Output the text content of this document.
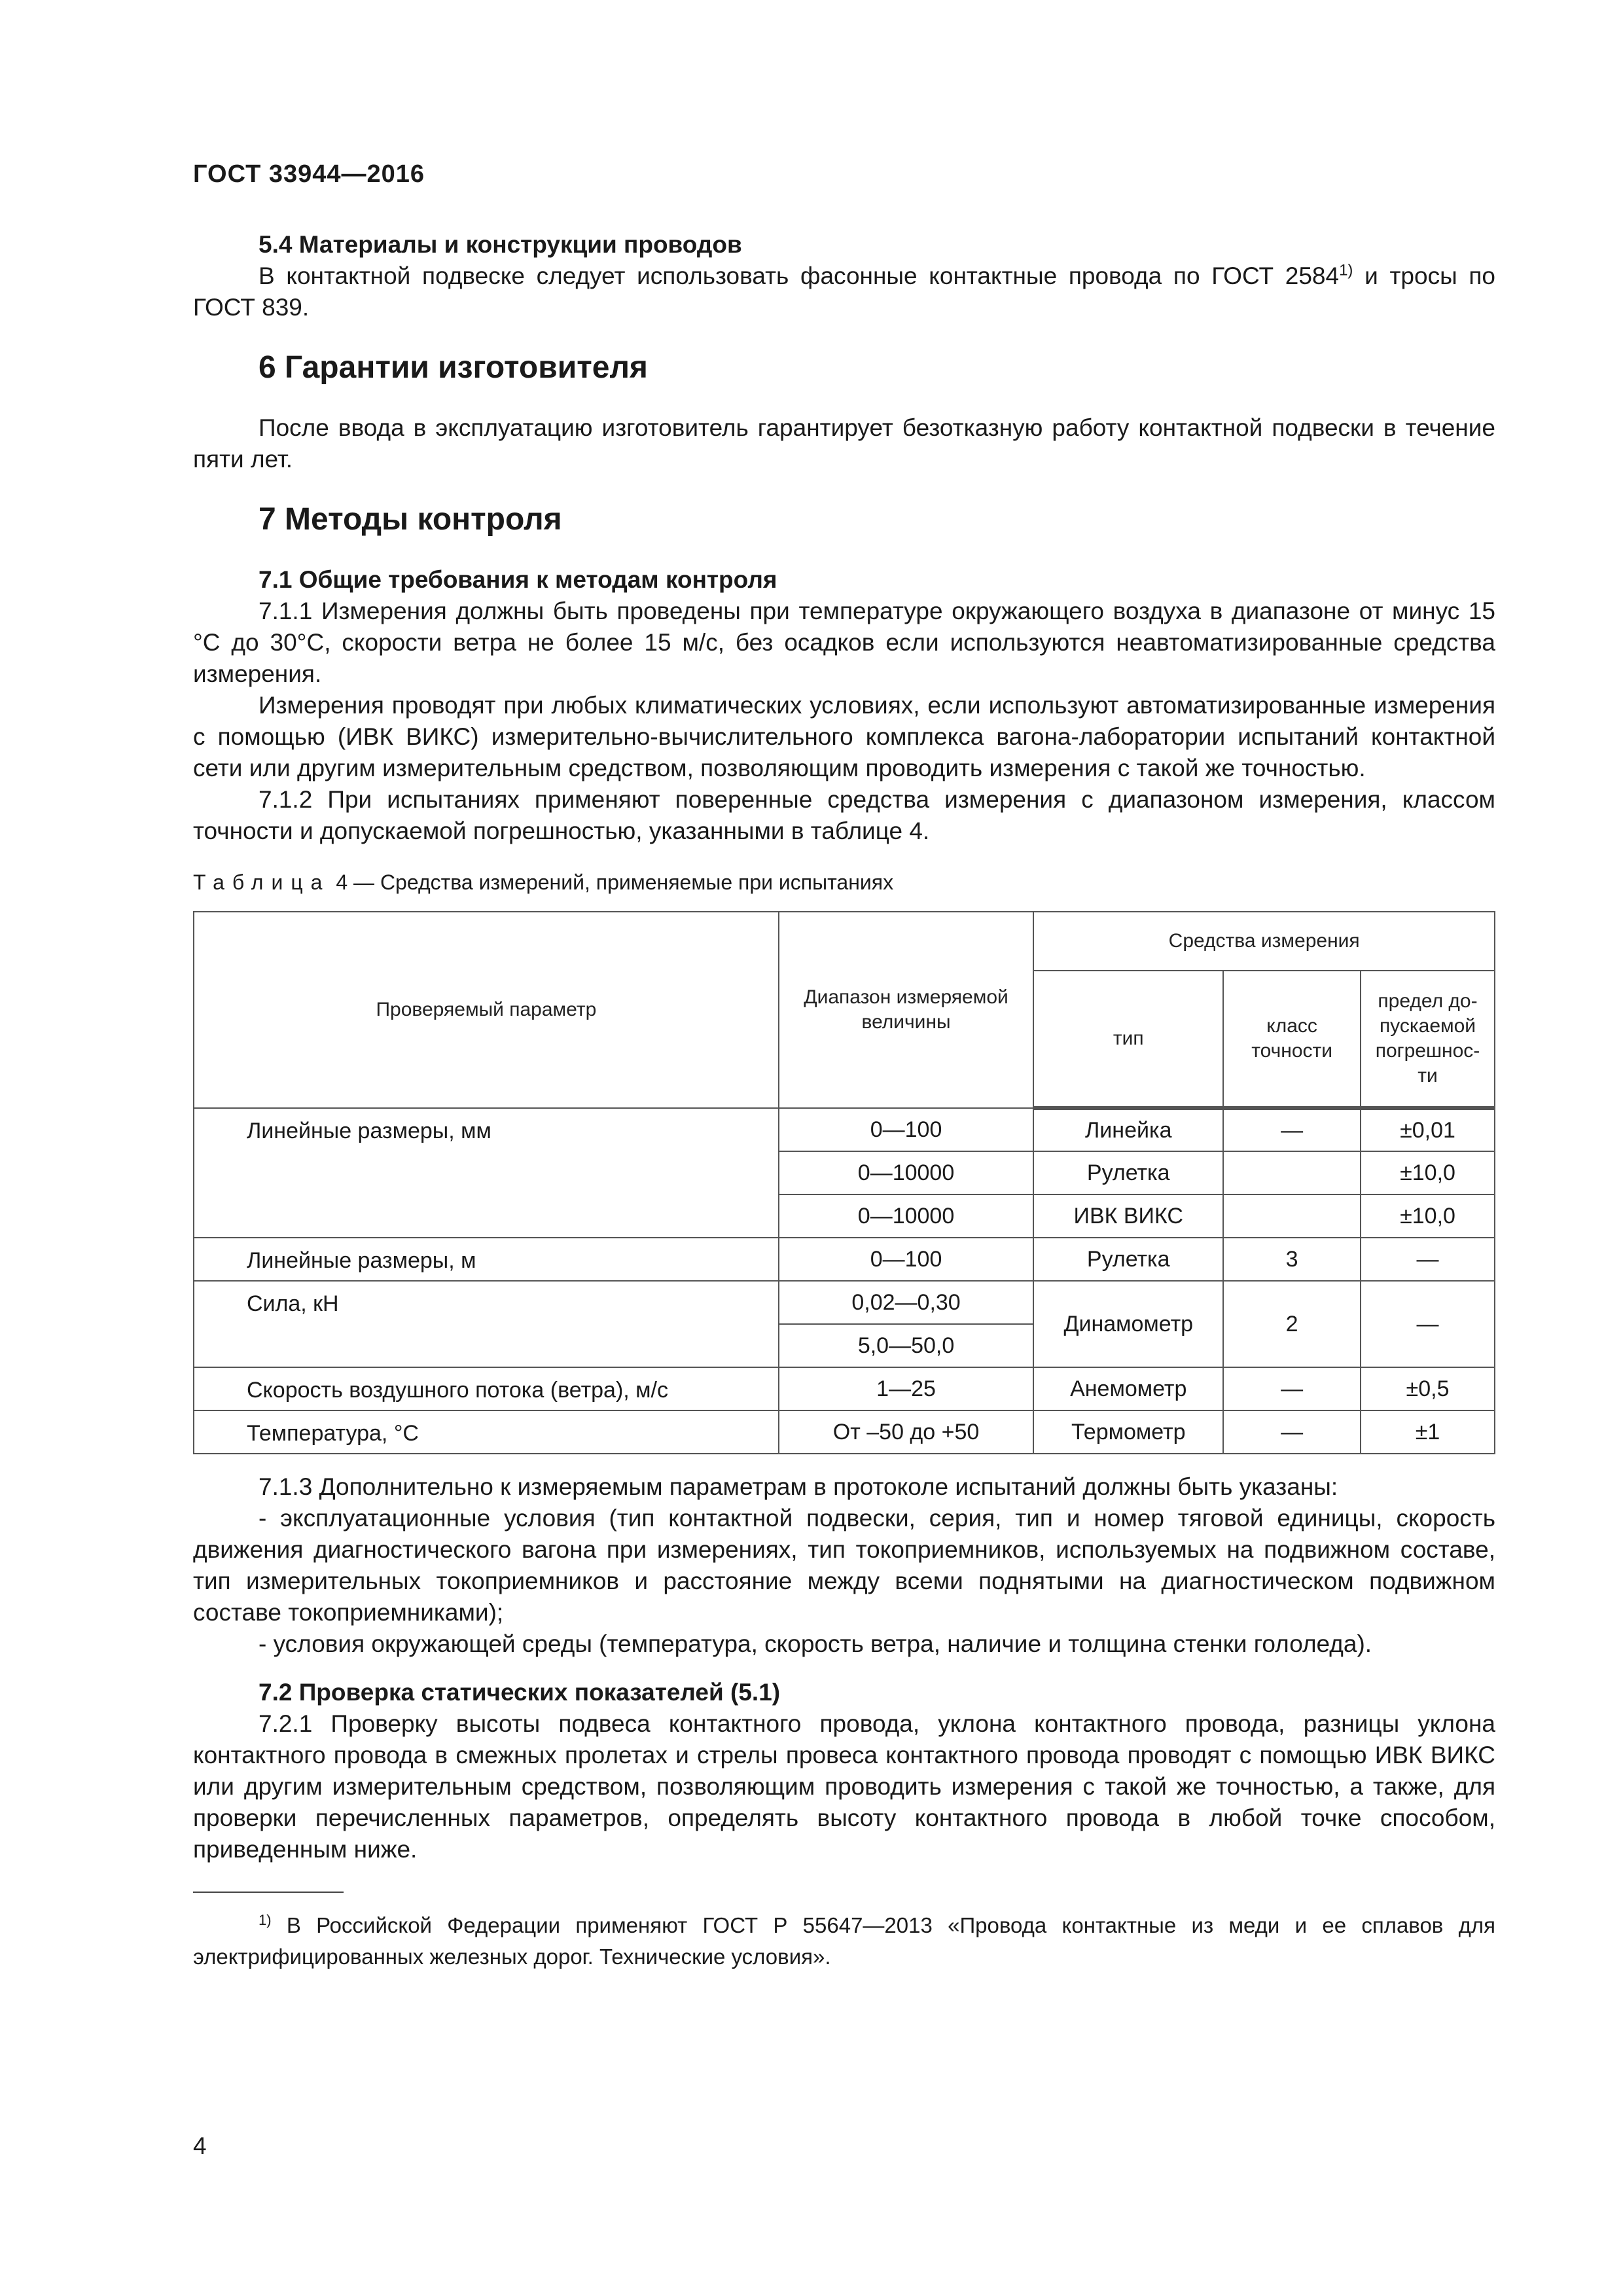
ГОСТ 33944—2016

5.4 Материалы и конструкции проводов

В контактной подвеске следует использовать фасонные контактные провода по ГОСТ 2584$^{1)}$ и тросы по ГОСТ 839.

6 Гарантии изготовителя

После ввода в эксплуатацию изготовитель гарантирует безотказную работу контактной подвески в течение пяти лет.

7 Методы контроля

7.1 Общие требования к методам контроля

7.1.1 Измерения должны быть проведены при температуре окружающего воздуха в диапазоне от минус 15 °С до 30°С, скорости ветра не более 15 м/с, без осадков если используются неавтоматизированные средства измерения.

Измерения проводят при любых климатических условиях, если используют автоматизированные измерения с помощью (ИВК ВИКС) измерительно-вычислительного комплекса вагона-лаборатории испытаний контактной сети или другим измерительным средством, позволяющим проводить измерения с такой же точностью.

7.1.2 При испытаниях применяют поверенные средства измерения с диапазоном измерения, классом точности и допускаемой погрешностью, указанными в таблице 4.

Таблица 4 — Средства измерений, применяемые при испытаниях
Проверяемый параметр	Диапазон измеряемой величины	Средства измерения		
		тип	класс точности	предел до-пускаемой погрешнос-ти
Линейные размеры, мм	0—100	Линейка	—	±0,01
	0—10000	Рулетка		±10,0
	0—10000	ИВК ВИКС		±10,0
Линейные размеры, м	0—100	Рулетка	3	—
Сила, кН	0,02—0,30	Динамометр	2	—
	5,0—50,0			
Скорость воздушного потока (ветра), м/с	1—25	Анемометр	—	±0,5
Температура, °С	От –50 до +50	Термометр	—	±1

7.1.3 Дополнительно к измеряемым параметрам в протоколе испытаний должны быть указаны:

- эксплуатационные условия (тип контактной подвески, серия, тип и номер тяговой единицы, скорость движения диагностического вагона при измерениях, тип токоприемников, используемых на подвижном составе, тип измерительных токоприемников и расстояние между всеми поднятыми на диагностическом подвижном составе токоприемниками);

- условия окружающей среды (температура, скорость ветра, наличие и толщина стенки гололеда).

7.2 Проверка статических показателей (5.1)

7.2.1 Проверку высоты подвеса контактного провода, уклона контактного провода, разницы уклона контактного провода в смежных пролетах и стрелы провеса контактного провода проводят с помощью ИВК ВИКС или другим измерительным средством, позволяющим проводить измерения с такой же точностью, а также, для проверки перечисленных параметров, определять высоту контактного провода в любой точке способом, приведенным ниже.

$^{1)}$ В Российской Федерации применяют ГОСТ Р 55647—2013 «Провода контактные из меди и ее сплавов для электрифицированных железных дорог. Технические условия».

4
